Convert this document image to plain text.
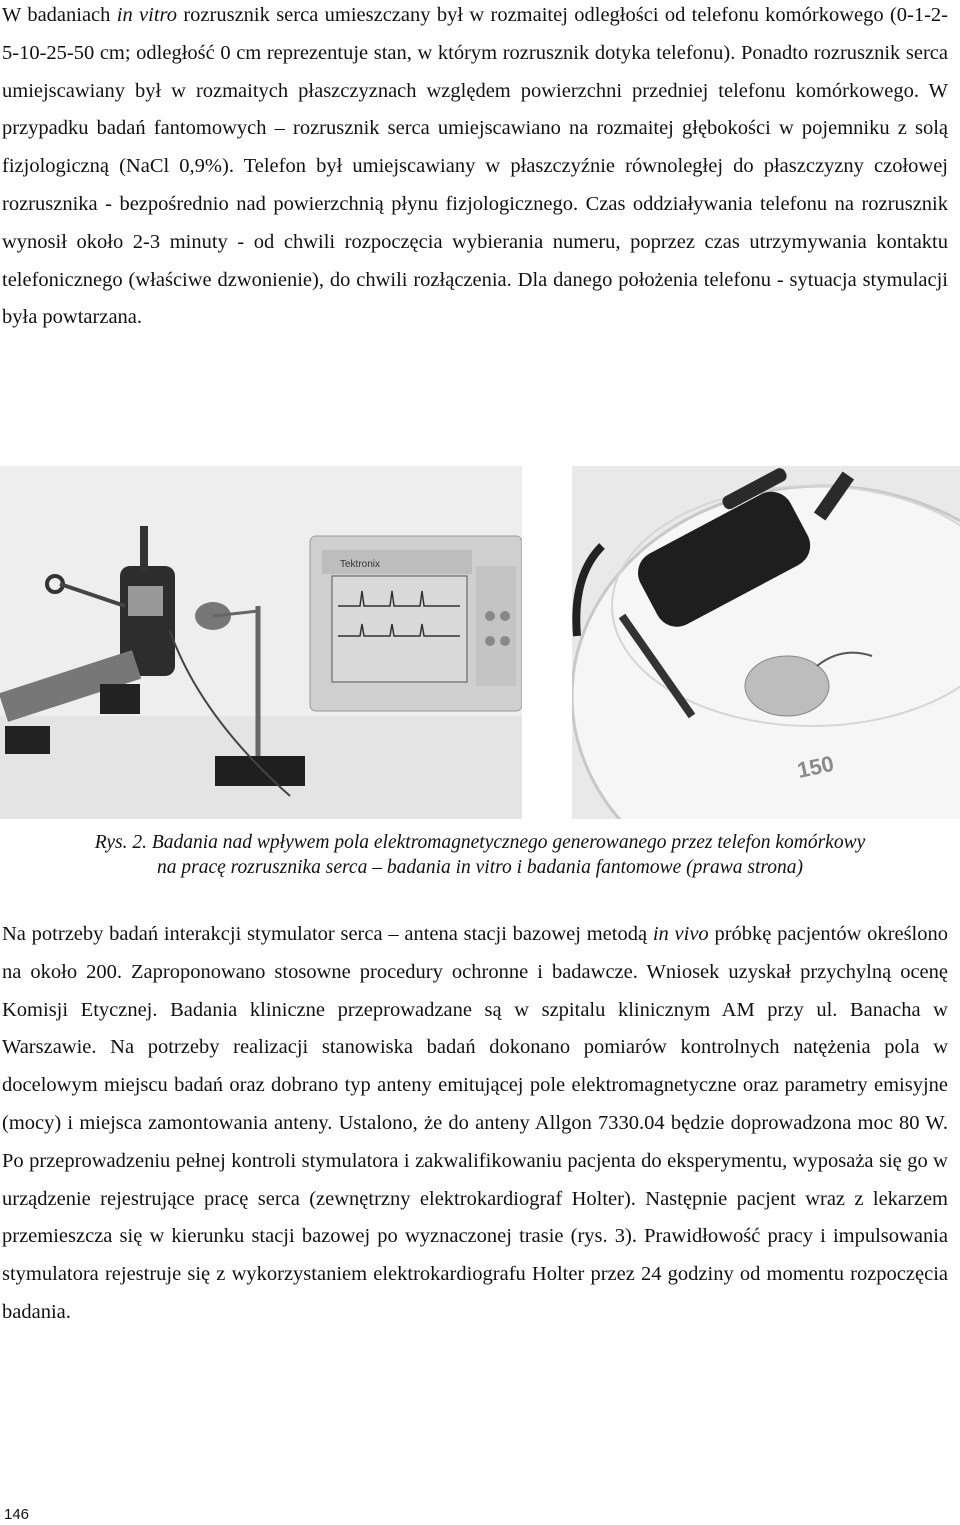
W badaniach in vitro rozrusznik serca umieszczany był w rozmaitej odległości od telefonu komórkowego (0-1-2-5-10-25-50 cm; odległość 0 cm reprezentuje stan, w którym rozrusznik dotyka telefonu). Ponadto rozrusznik serca umiejscawiany był w rozmaitych płaszczyznach względem powierzchni przedniej telefonu komórkowego. W przypadku badań fantomowych – rozrusznik serca umiejscawiano na rozmaitej głębokości w pojemniku z solą fizjologiczną (NaCl 0,9%). Telefon był umiejscawiany w płaszczyźnie równoległej do płaszczyzny czołowej rozrusznika - bezpośrednio nad powierzchnią płynu fizjologicznego. Czas oddziaływania telefonu na rozrusznik wynosił około 2-3 minuty - od chwili rozpoczęcia wybierania numeru, poprzez czas utrzymywania kontaktu telefonicznego (właściwe dzwonienie), do chwili rozłączenia. Dla danego położenia telefonu - sytuacja stymulacji była powtarzana.

Tektronix
150
Rys. 2. Badania nad wpływem pola elektromagnetycznego generowanego przez telefon komórkowy
na pracę rozrusznika serca – badania in vitro i badania fantomowe (prawa strona)

Na potrzeby badań interakcji stymulator serca – antena stacji bazowej metodą in vivo próbkę pacjentów określono na około 200. Zaproponowano stosowne procedury ochronne i badawcze. Wniosek uzyskał przychylną ocenę Komisji Etycznej. Badania kliniczne przeprowadzane są w szpitalu klinicznym AM przy ul. Banacha w Warszawie. Na potrzeby realizacji stanowiska badań dokonano pomiarów kontrolnych natężenia pola w docelowym miejscu badań oraz dobrano typ anteny emitującej pole elektromagnetyczne oraz parametry emisyjne (mocy) i miejsca zamontowania anteny. Ustalono, że do anteny Allgon 7330.04 będzie doprowadzona moc 80 W. Po przeprowadzeniu pełnej kontroli stymulatora i zakwalifikowaniu pacjenta do eksperymentu, wyposaża się go w urządzenie rejestrujące pracę serca (zewnętrzny elektrokardiograf Holter). Następnie pacjent wraz z lekarzem przemieszcza się w kierunku stacji bazowej po wyznaczonej trasie (rys. 3). Prawidłowość pracy i impulsowania stymulatora rejestruje się z wykorzystaniem elektrokardiografu Holter przez 24 godziny od momentu rozpoczęcia badania.

146
